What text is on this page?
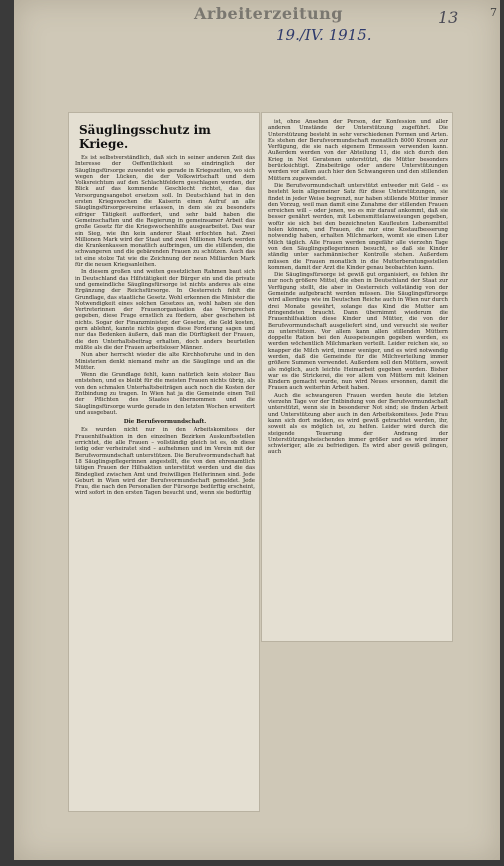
Arbeiterzeitung
19./IV. 1915.
13	7
Säuglingsschutz im Kriege.
Es ist selbstverständlich, daß sich in seiner anderen Zeit das Interesse der Oeffentlichkeit so eindringlich der Säuglingsfürsorge zuwendet wie gerade in Kriegszeiten, wo sich wegen der Lücken, die der Volkswirtschaft und dem Volksreichtum auf den Schlachtfeldern geschlagen werden, der Blick auf das kommende Geschlecht richtet, das das Versorgungsangebot ersetzen soll. In Deutschland hat in den ersten Kriegswochen die Kaiserin einen Aufruf an alle Säuglingsfürsorgevereine erlassen, in dem sie zu besonders eifriger Tätigkeit auffordert, und sehr bald haben die Gemeinschaften und die Regierung in gemeinsamer Arbeit das große Gesetz für die Kriegswochenhilfe ausgearbeitet. Das war ein Sieg, wie ihn kein anderer Staat erfochten hat. Zwei Millionen Mark wird der Staat und zwei Millionen Mark werden die Krankenkassen monatlich aufbringen, um die stillenden, die schwangeren und die gebärenden Frauen zu schützen. Auch das ist eine stolze Tat wie die Zeichnung der neun Milliarden Mark für die neuen Kriegsanleihen.
In diesem großen und weiten gesetzlichen Rahmen baut sich in Deutschland das Hilfstätigkeit der Bürger ein und die private und gemeindliche Säuglingsfürsorge ist nichts anderes als eine Ergänzung der Reichsfürsorge. In Oesterreich fehlt die Grundlage, das staatliche Gesetz. Wohl erkennen die Minister die Notwendigkeit eines solchen Gesetzes an, wohl haben sie den Vertreterinnen der Frauenorganisation das Versprechen gegeben, diese Frage ernstlich zu fördern, aber geschehen ist nichts. Sogar der Finanzminister, der Gesetze, die Geld kosten, gern ablehnt, kannte nichts gegen diese Forderung sagen und nur das Bedenken äußern, daß man die Dürftigkeit der Frauen, die den Unterhaltsbeitrag erhalten, doch anders beurteilen müßte als die der Frauen arbeitsloser Männer.
Nun aber herrscht wieder die alte Kirchhofsruhe und in den Ministerien denkt niemand mehr an die Säuglinge und an die Mütter.
Wenn die Grundlage fehlt, kann natürlich kein stolzer Bau entstehen, und es bleibt für die meisten Frauen nichts übrig, als von den schmalen Unterhaltsbeiträgen auch noch die Kosten der Entbindung zu tragen. In Wien hat ja die Gemeinde einen Teil der Pflichten des Staates übernommen und die Säuglingsfürsorge wurde gerade in den letzten Wochen erweitert und ausgebaut.
Die Berufsvormundschaft.
Es wurden nicht nur in den Arbeitskomitees der Frauenhilfsaktion in den einzelnen Bezirken Auskunftsstellen errichtet, die alle Frauen – vollständig gleich ist es, ob diese ledig oder verheiratet sind – aufnehmen und im Verein mit der Berufsvormundschaft unterstützen. Die Berufsvormundschaft hat 18 Säuglingspflegerinnen angestellt, die von den ehrenamtlich tätigen Frauen der Hilfsaktion unterstützt werden und die das Bindeglied zwischen Amt und freiwilligen Helferinnen sind. Jede Geburt in Wien wird der Berufsvormundschaft gemeldet. Jede Frau, die nach den Personalien der Fürsorge bedürftig erscheint, wird sofort in den ersten Tagen besucht und, wenn sie bedürftig
ist, ohne Ansehen der Person, der Konfession und aller anderen Umstände der Unterstützung zugeführt. Die Unterstützung besteht in sehr verschiedenen Formen und Arten. Es stehen der Berufsvormundschaft monatlich 8000 Kronen zur Verfügung, die sie nach eigenem Ermessen verwenden kann. Außerdem werden von der Abteilung 11, die sich durch den Krieg in Not Geratenen unterstützt, die Mütter besonders berücksichtigt. Zinsbeiträge oder andere Unterstützungen werden vor allem auch hier den Schwangeren und den stillenden Müttern zugewendet.
Die Berufsvormundschaft unterstützt entweder mit Geld – es besteht kein allgemeiner Satz für diese Unterstützungen, sie findet in jeder Weise begrenzt, nur haben stillende Mütter immer den Vorzug, weil man damit eine Zunahme der stillenden Frauen erreichen will – oder jenen, wo es mir darauf ankommt, daß sie besser genährt werden, mit Lebensmittelanweisungen gegeben, wofür sie sich bei den bezeichneten Kaufleuten Lebensmittel holen können, und Frauen, die nur eine Kostaufbesserung notwendig haben, erhalten Milchmarken, womit sie einen Liter Milch täglich. Alle Frauen werden ungefähr alle vierzehn Tage von den Säuglingspflegerinnen besucht, so daß sie Kinder ständig unter sachmännischer Kontrolle stehen. Außerdem müssen die Frauen monatlich in die Mutterberatungsstellen kommen, damit der Arzt die Kinder genau beobachten kann.
Die Säuglingsfürsorge ist gewiß gut organisiert, es fehlen ihr nur noch größere Mittel, die eben in Deutschland der Staat zur Verfügung stellt, die aber in Oesterreich vollständig von der Gemeinde aufgebracht werden müssen. Die Säuglingsfürsorge wird allerdings wie im Deutschen Reiche auch in Wien nur durch drei Monate gewährt, solange das Kind die Mutter am dringendsten braucht. Dann übernimmt wiederum die Frauenhilfsaktion diese Kinder und Mütter, die von der Berufsvormundschaft ausgeliefert sind, und versucht sie weiter zu unterstützen. Vor allem kann allen stillenden Müttern doppelte Ration bei den Ausspeisungen gegeben werden, es werden wöchentlich Milchmarken verteilt. Leider reichen sie, so knapper die Milch wird, immer weniger, und es wird notwendig werden, daß die Gemeinde für die Milchverteilung immer größere Summen verwendet. Außerdem soll den Müttern, soweit als möglich, auch leichte Heimarbeit gegeben werden. Bisher war es die Strickerei, die vor allem von Müttern mit kleinen Kindern gemacht wurde, nun wird Neues ersonnen, damit die Frauen auch weiterhin Arbeit haben.
Auch die schwangeren Frauen werden heute die letzten vierzehn Tage vor der Entbindung von der Berufsvormundschaft unterstützt, wenn sie in besonderer Not sind; sie finden Arbeit und Unterstützung aber auch in den Arbeitskomitees. Jede Frau kann sich dort melden, es wird gewiß getrachtet werden, ihr, soweit als es möglich ist, zu helfen. Leider wird durch die steigende Teuerung der Andrang der Unterstützungsheischenden immer größer und es wird immer schwieriger, alle zu befriedigen. Es wird aber gewiß gelingen, auch
